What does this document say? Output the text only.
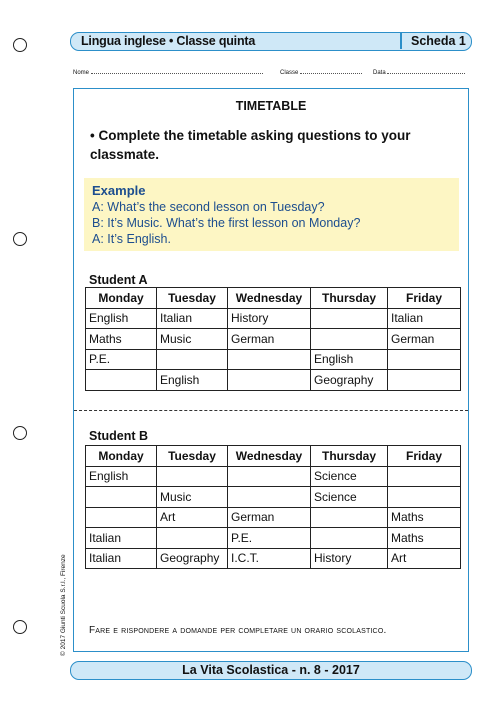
Lingua inglese • Classe quinta	Scheda 1
Nome	Classe	Data
TIMETABLE
• Complete the timetable asking questions to your classmate.
Example
A: What’s the second lesson on Tuesday?
B: It’s Music. What’s the first lesson on Monday?
A: It’s English.
Student A
Monday	Tuesday	Wednesday	Thursday	Friday
English	Italian	History		Italian
Maths	Music	German		German
P.E.			English	
	English		Geography	
Student B
Monday	Tuesday	Wednesday	Thursday	Friday
English			Science	
	Music		Science	
	Art	German		Maths
Italian		P.E.		Maths
Italian	Geography	I.C.T.	History	Art
Fare e rispondere a domande per completare un orario scolastico.
© 2017 Giunti Scuola S.r.l., Firenze
La Vita Scolastica - n. 8 - 2017
